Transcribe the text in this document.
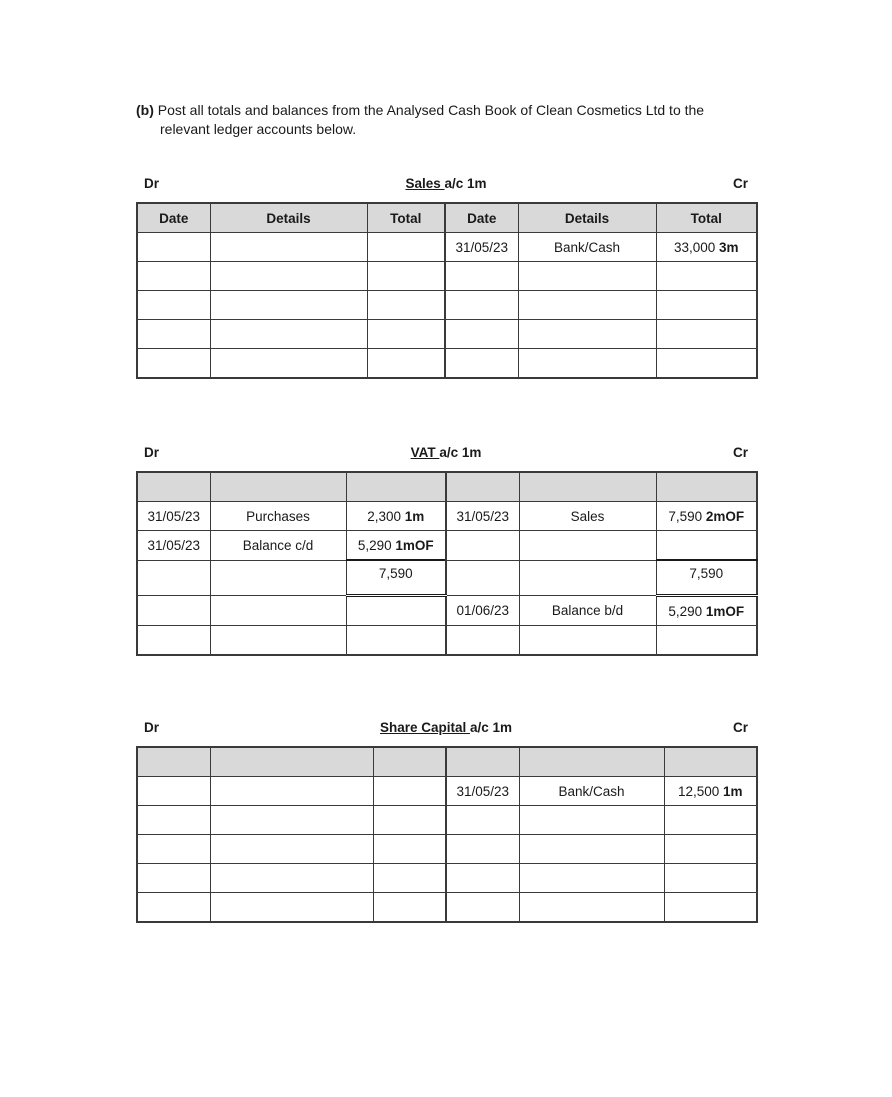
(b) Post all totals and balances from the Analysed Cash Book of Clean Cosmetics Ltd to the
relevant ledger accounts below.
Dr	Sales a/c 1m	Cr
Date	Details	Total	Date	Details	Total
			31/05/23	Bank/Cash	33,000 3m

Dr	VAT a/c 1m	Cr

31/05/23	Purchases	2,300 1m	31/05/23	Sales	7,590 2mOF
31/05/23	Balance c/d	5,290 1mOF			
		7,590			7,590
			01/06/23	Balance b/d	5,290 1mOF

Dr	Share Capital a/c 1m	Cr

			31/05/23	Bank/Cash	12,500 1m
